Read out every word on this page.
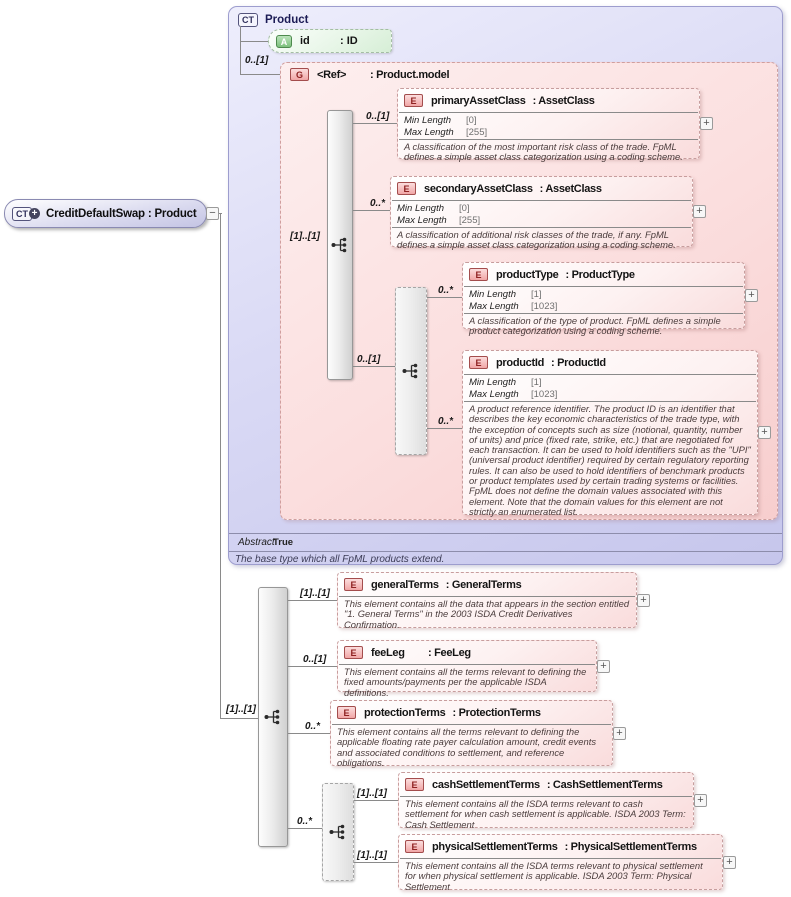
CT Product
Abstract
True
The base type which all FpML products extend.
G	<Ref>	: Product.model
0..[1]
A	id	: ID
[1]..[1]
0..[1]
0..*
0..[1]
0..*
0..*
E	primaryAssetClass : AssetClass
Min Length	[0]
Max Length	[255]
A classification of the most important risk class of the trade. FpML defines a simple asset class categorization using a coding scheme.
+
E	secondaryAssetClass : AssetClass
Min Length	[0]
Max Length	[255]
A classification of additional risk classes of the trade, if any. FpML defines a simple asset class categorization using a coding scheme.
+
E	productType : ProductType
Min Length	[1]
Max Length	[1023]
A classification of the type of product. FpML defines a simple product categorization using a coding scheme.
+
E	productId : ProductId
Min Length	[1]
Max Length	[1023]
A product reference identifier. The product ID is an identifier that describes the key economic characteristics of the trade type, with the exception of concepts such as size (notional, quantity, number of units) and price (fixed rate, strike, etc.) that are negotiated for each transaction. It can be used to hold identifiers such as the "UPI" (universal product identifier) required by certain regulatory reporting rules. It can also be used to hold identifiers of benchmark products or product templates used by certain trading systems or facilities. FpML does not define the domain values associated with this element. Note that the domain values for this element are not strictly an enumerated list.
+
CT + CreditDefaultSwap : Product −
[1]..[1]
[1]..[1]
E	generalTerms : GeneralTerms
This element contains all the data that appears in the section entitled "1. General Terms" in the 2003 ISDA Credit Derivatives Confirmation.
+
0..[1]
E	feeLeg	: FeeLeg
This element contains all the terms relevant to defining the fixed amounts/payments per the applicable ISDA definitions.
+
0..*
E	protectionTerms : ProtectionTerms
This element contains all the terms relevant to defining the applicable floating rate payer calculation amount, credit events and associated conditions to settlement, and reference obligations.
+
0..*
[1]..[1]
E	cashSettlementTerms : CashSettlementTerms
This element contains all the ISDA terms relevant to cash settlement for when cash settlement is applicable. ISDA 2003 Term: Cash Settlement
+
[1]..[1]
E	physicalSettlementTerms : PhysicalSettlementTerms
This element contains all the ISDA terms relevant to physical settlement for when physical settlement is applicable. ISDA 2003 Term: Physical Settlement
+
